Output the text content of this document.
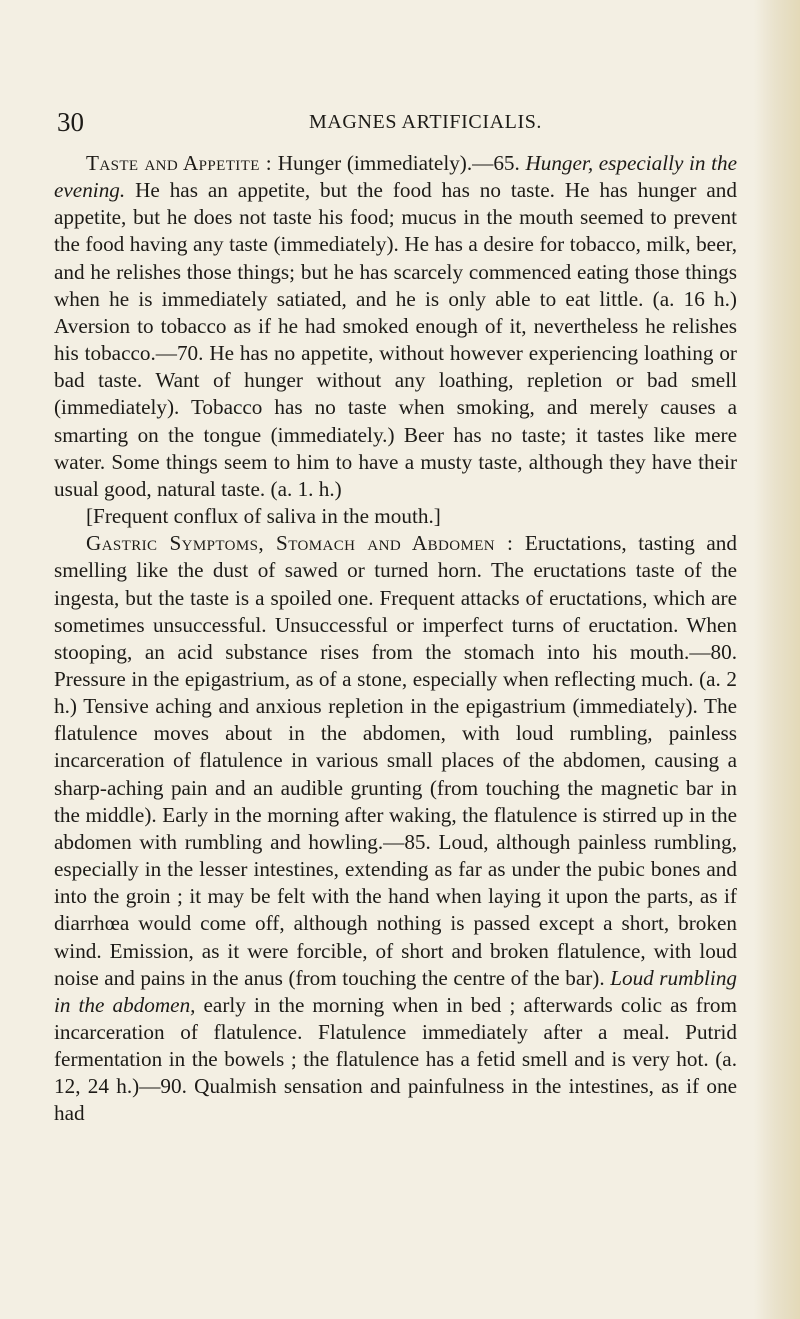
30	MAGNES ARTIFICIALIS.

Taste and Appetite : Hunger (immediately).—65. Hunger, especially in the evening. He has an appetite, but the food has no taste. He has hunger and appetite, but he does not taste his food; mucus in the mouth seemed to prevent the food having any taste (immediately). He has a desire for tobacco, milk, beer, and he relishes those things; but he has scarcely commenced eating those things when he is immediately satiated, and he is only able to eat little. (a. 16 h.) Aversion to tobacco as if he had smoked enough of it, nevertheless he relishes his tobacco.—70. He has no appetite, without however experiencing loathing or bad taste. Want of hunger without any loathing, repletion or bad smell (immediately). Tobacco has no taste when smoking, and merely causes a smarting on the tongue (immediately.) Beer has no taste; it tastes like mere water. Some things seem to him to have a musty taste, although they have their usual good, natural taste. (a. 1. h.)

[Frequent conflux of saliva in the mouth.]

Gastric Symptoms, Stomach and Abdomen : Eructations, tasting and smelling like the dust of sawed or turned horn. The eructations taste of the ingesta, but the taste is a spoiled one. Frequent attacks of eructations, which are sometimes unsuccessful. Unsuccessful or imperfect turns of eructation. When stooping, an acid substance rises from the stomach into his mouth.—80. Pressure in the epigastrium, as of a stone, especially when reflecting much. (a. 2 h.) Tensive aching and anxious repletion in the epigastrium (immediately). The flatulence moves about in the abdomen, with loud rumbling, painless incarceration of flatulence in various small places of the abdomen, causing a sharp-aching pain and an audible grunting (from touching the magnetic bar in the middle). Early in the morning after waking, the flatulence is stirred up in the abdomen with rumbling and howling.—85. Loud, although painless rumbling, especially in the lesser intestines, extending as far as under the pubic bones and into the groin ; it may be felt with the hand when laying it upon the parts, as if diarrhœa would come off, although nothing is passed except a short, broken wind. Emission, as it were forcible, of short and broken flatulence, with loud noise and pains in the anus (from touching the centre of the bar). Loud rumbling in the abdomen, early in the morning when in bed ; afterwards colic as from incarceration of flatulence. Flatulence immediately after a meal. Putrid fermentation in the bowels ; the flatulence has a fetid smell and is very hot. (a. 12, 24 h.)—90. Qualmish sensation and painfulness in the intestines, as if one had
